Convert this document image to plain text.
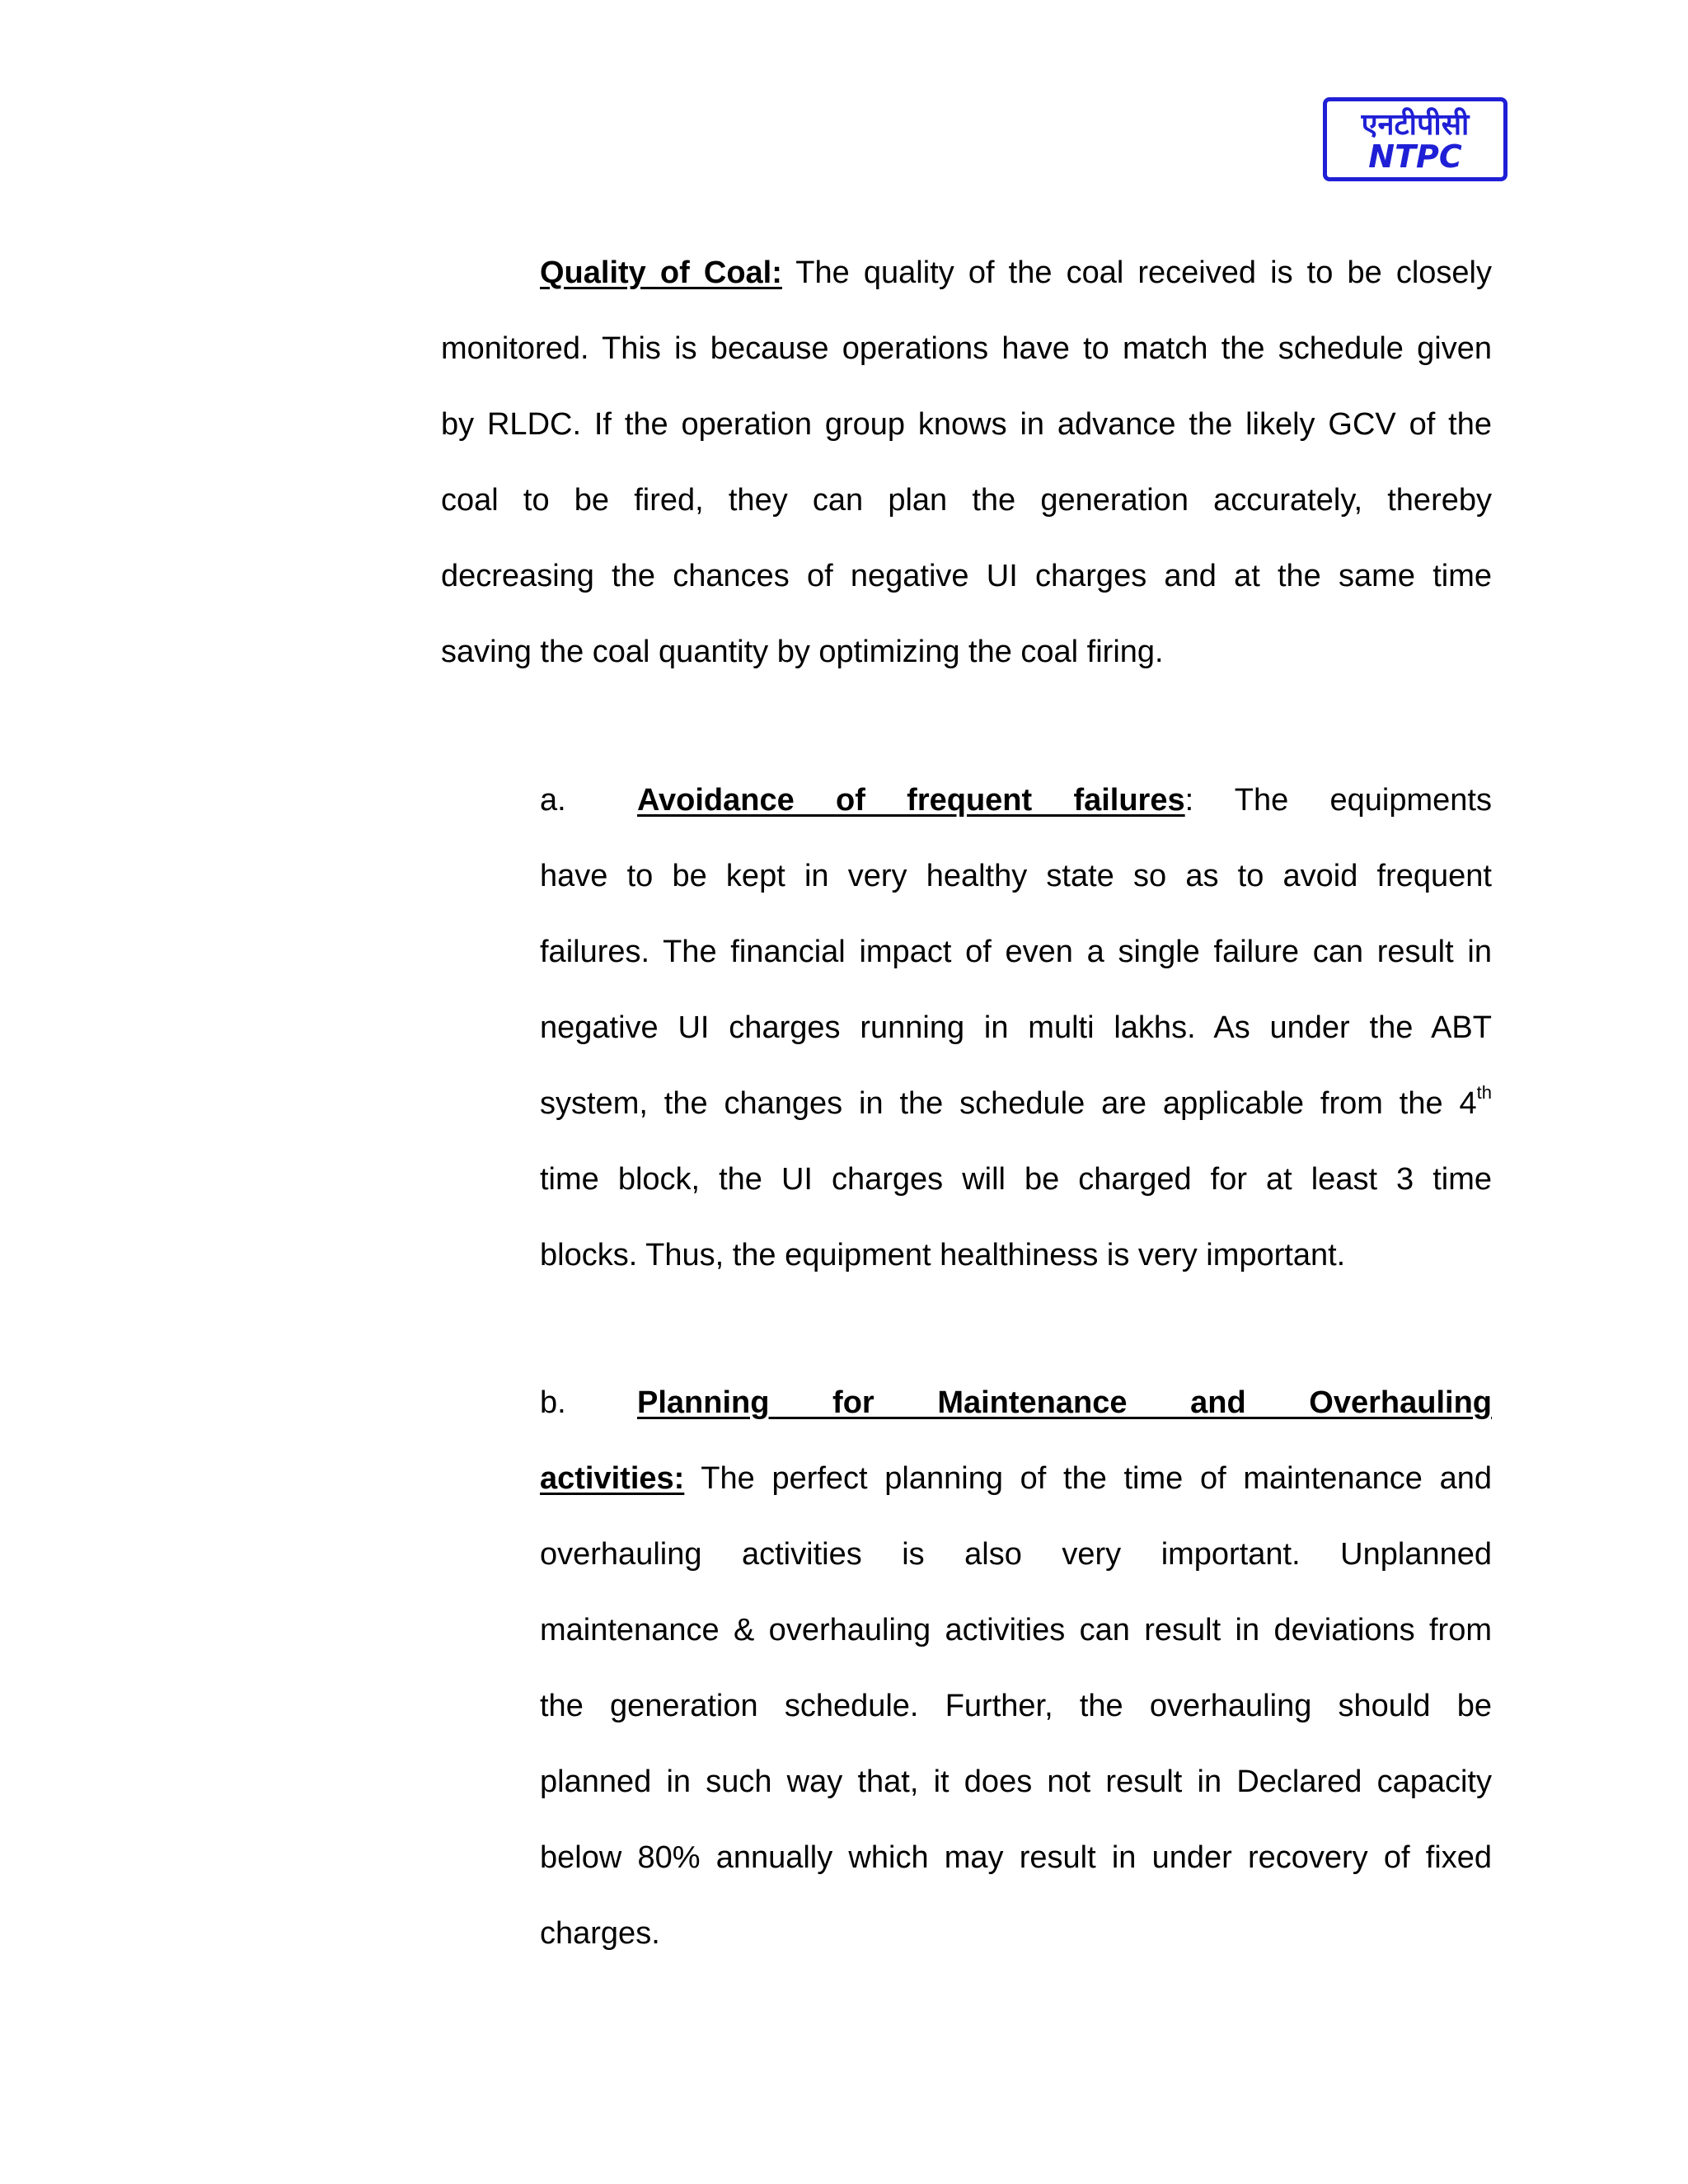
एनटीपीसी
NTPC
Quality of Coal: The quality of the coal received is to be closely
monitored. This is because operations have to match the schedule given
by RLDC. If the operation group knows in advance the likely GCV of the
coal to be fired, they can plan the generation accurately, thereby
decreasing the chances of negative UI charges and at the same time
saving the coal quantity by optimizing the coal firing.
a. Avoidance of frequent failures: The equipments
have to be kept in very healthy state so as to avoid frequent
failures. The financial impact of even a single failure can result in
negative UI charges running in multi lakhs. As under the ABT
system, the changes in the schedule are applicable from the 4th
time block, the UI charges will be charged for at least 3 time
blocks. Thus, the equipment healthiness is very important.
b. Planning for Maintenance and Overhauling
activities: The perfect planning of the time of maintenance and
overhauling activities is also very important. Unplanned
maintenance & overhauling activities can result in deviations from
the generation schedule. Further, the overhauling should be
planned in such way that, it does not result in Declared capacity
below 80% annually which may result in under recovery of fixed
charges.
